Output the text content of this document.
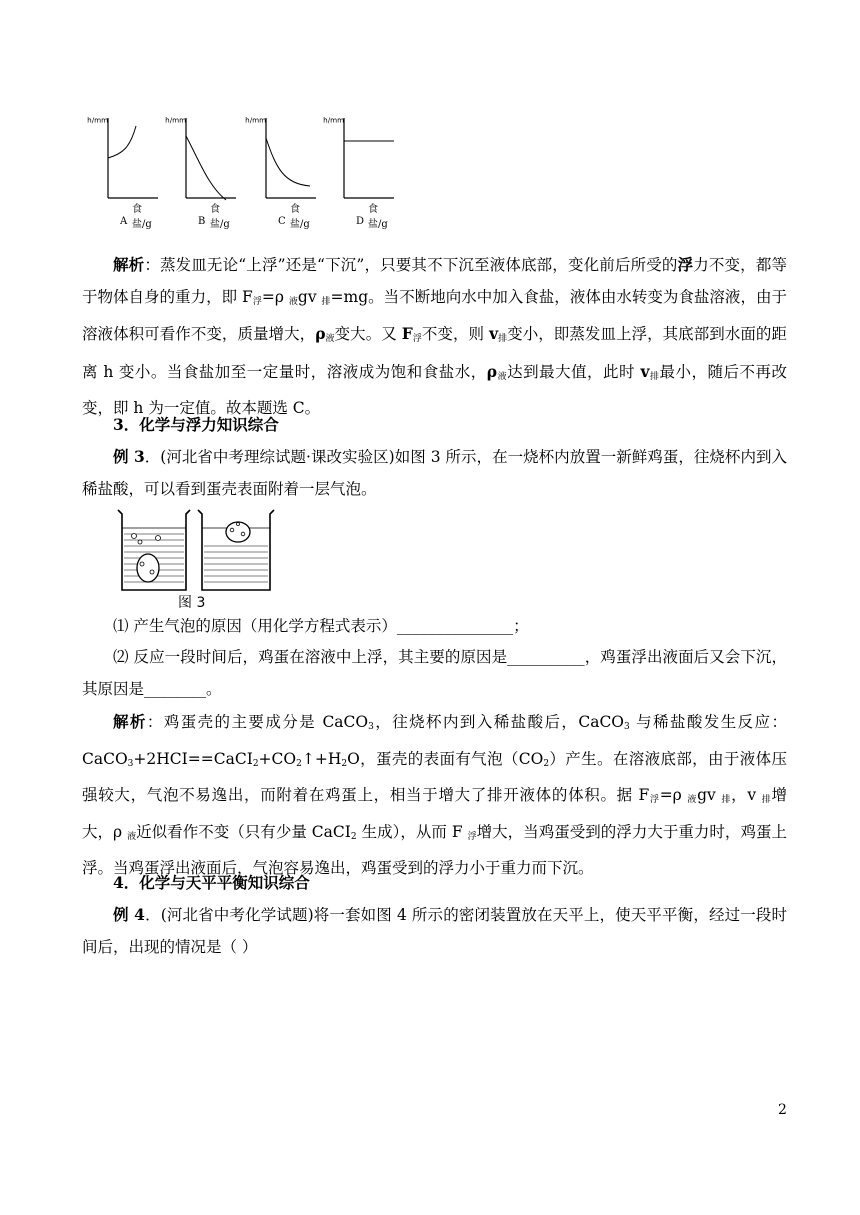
h/mm
食盐/g
A
h/mm
食盐/g
B
h/mm
食盐/g
C
h/mm
食盐/g
D
解析：蒸发皿无论“上浮”还是“下沉”，只要其不下沉至液体底部，变化前后所受的浮力不变，都等于物体自身的重力，即 $F_浮=\rho$ $_液$gv $_排$=mg。当不断地向水中加入食盐，液体由水转变为食盐溶液，由于溶液体积可看作不变，质量增大，$\rho_液$变大。又 $F_浮$不变，则 $v_排$变小，即蒸发皿上浮，其底部到水面的距离 h 变小。当食盐加至一定量时，溶液成为饱和食盐水，$\rho_液$达到最大值，此时 $v_排$最小，随后不再改变，即 h 为一定值。故本题选 C。
3．化学与浮力知识综合
例 3．(河北省中考理综试题·课改实验区)如图 3 所示，在一烧杯内放置一新鲜鸡蛋，往烧杯内到入稀盐酸，可以看到蛋壳表面附着一层气泡。
图 3
⑴ 产生气泡的原因（用化学方程式表示）_______________；
⑵ 反应一段时间后，鸡蛋在溶液中上浮，其主要的原因是__________，鸡蛋浮出液面后又会下沉，其原因是________。
解析：鸡蛋壳的主要成分是 CaCO$_3$，往烧杯内到入稀盐酸后，CaCO$_3$ 与稀盐酸发生反应：$CaCO_3+2HCI==CaCI_2+CO_2↑+H_2O$，蛋壳的表面有气泡$(CO_2)$产生。在溶液底部，由于液体压强较大，气泡不易逸出，而附着在鸡蛋上，相当于增大了排开液体的体积。据 $F_浮=\rho$ $_液$gv $_排$，v $_排$增大，ρ $_液$近似看作不变（只有少量 CaCI$_2$ 生成），从而 F $_浮$增大，当鸡蛋受到的浮力大于重力时，鸡蛋上浮。当鸡蛋浮出液面后，气泡容易逸出，鸡蛋受到的浮力小于重力而下沉。
4．化学与天平平衡知识综合
例 4．(河北省中考化学试题)将一套如图 4 所示的密闭装置放在天平上，使天平平衡，经过一段时间后，出现的情况是（ ）
2
